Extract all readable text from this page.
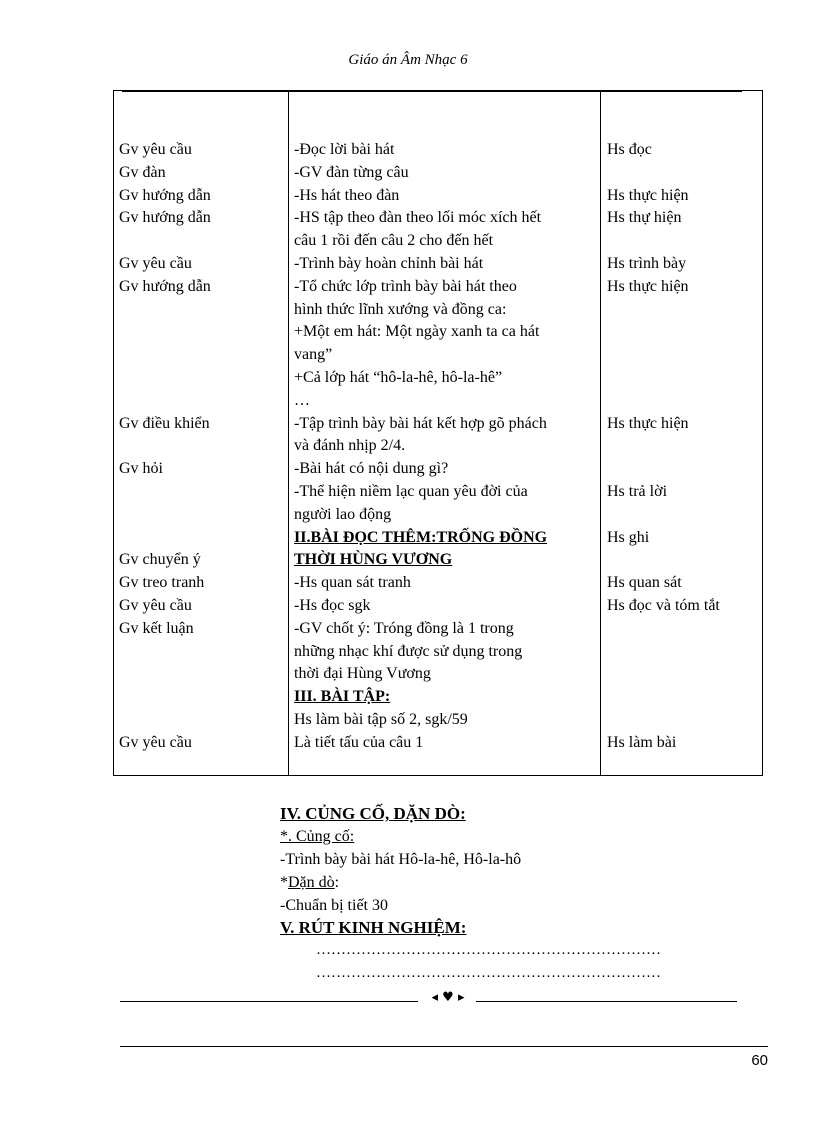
Giáo án Âm Nhạc 6
Gv yêu cầu	-Đọc lời bài hát	Hs đọc
Gv đàn	-GV đàn từng câu
Gv hướng dẫn	-Hs hát theo đàn	Hs thực hiện
Gv hướng dẫn	-HS tập theo đàn theo lối móc xích hết	Hs thự hiện
câu 1 rồi đến câu 2 cho đến hết
Gv yêu cầu	-Trình bày hoàn chỉnh bài hát	Hs trình bày
Gv hướng dẫn	-Tổ chức lớp trình bày bài hát theo	Hs thực hiện
hình thức lĩnh xướng và đồng ca:
+Một em hát: Một ngày xanh ta ca hát
vang”
+Cả lớp hát “hô-la-hê, hô-la-hê”
…
Gv điều khiển	-Tập trình bày bài hát kết hợp gõ phách	Hs thực hiện
và đánh nhịp 2/4.
Gv hỏi	-Bài hát có nội dung gì?
-Thể hiện niềm lạc quan yêu đời của	Hs trả lời
người lao động
II.BÀI ĐỌC THÊM:TRỐNG ĐỒNG	Hs ghi
Gv chuyển ý	THỜI HÙNG VƯƠNG
Gv treo tranh	-Hs quan sát tranh	Hs quan sát
Gv yêu cầu	-Hs đọc sgk	Hs đọc và tóm tắt
Gv kết luận	-GV chốt ý: Tróng đồng là 1 trong
những nhạc khí được sử dụng trong
thời đại Hùng Vương
III. BÀI TẬP:
Hs làm bài tập số 2, sgk/59
Gv yêu cầu	Là tiết tấu của câu 1	Hs làm bài
IV. CỦNG CỐ, DẶN DÒ:
*. Củng cố:
-Trình bày bài hát Hô-la-hê, Hô-la-hô
*Dặn dò:
-Chuẩn bị tiết 30
V. RÚT KINH NGHIỆM:
……………………………………………………………
……………………………………………………………
◂ ♥ ▸
60
